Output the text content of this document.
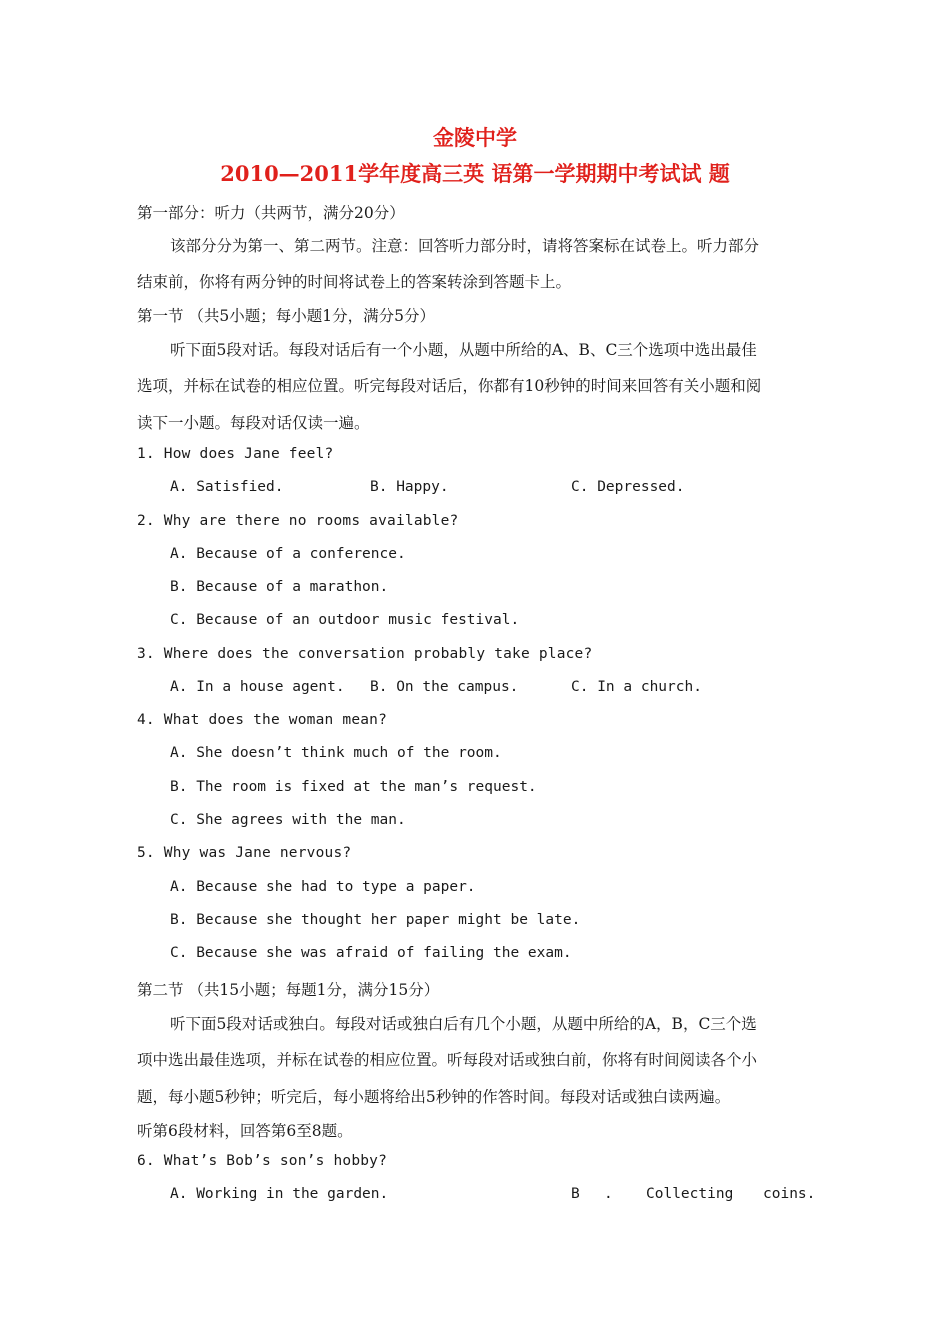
金陵中学
2010—2011学年度高三英 语第一学期期中考试试 题
第一部分：听力（共两节，满分20分）
该部分分为第一、第二两节。注意：回答听力部分时，请将答案标在试卷上。听力部分
结束前，你将有两分钟的时间将试卷上的答案转涂到答题卡上。
第一节 （共5小题；每小题1分，满分5分）
听下面5段对话。每段对话后有一个小题，从题中所给的A、B、C三个选项中选出最佳
选项，并标在试卷的相应位置。听完每段对话后，你都有10秒钟的时间来回答有关小题和阅
读下一小题。每段对话仅读一遍。
1. How does Jane feel?
A. Satisfied.	B. Happy.	C. Depressed.
2. Why are there no rooms available?
A. Because of a conference.
B. Because of a marathon.
C. Because of an outdoor music festival.
3. Where does the conversation probably take place?
A. In a house agent. B. On the campus.	C. In a church.
4. What does the woman mean?
A. She doesn’t think much of the room.
B. The room is fixed at the man’s request.
C. She agrees with the man.
5. Why was Jane nervous?
A. Because she had to type a paper.
B. Because she thought her paper might be late.
C. Because she was afraid of failing the exam.
第二节 （共15小题；每题1分，满分15分）
听下面5段对话或独白。每段对话或独白后有几个小题，从题中所给的A，B，C三个选
项中选出最佳选项，并标在试卷的相应位置。听每段对话或独白前，你将有时间阅读各个小
题，每小题5秒钟；听完后，每小题将给出5秒钟的作答时间。每段对话或独白读两遍。
听第6段材料，回答第6至8题。
6. What’s Bob’s son’s hobby?
A. Working in the garden.	B . Collecting coins.
